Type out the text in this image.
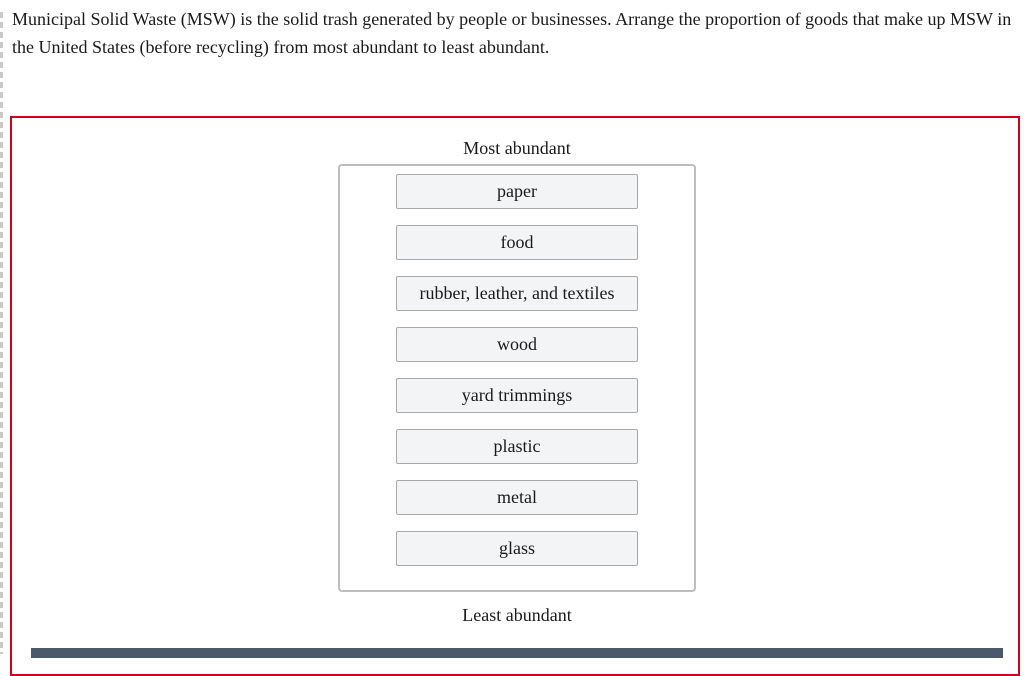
Municipal Solid Waste (MSW) is the solid trash generated by people or businesses. Arrange the proportion of goods that make up MSW in the United States (before recycling) from most abundant to least abundant.
Most abundant
paper
food
rubber, leather, and textiles
wood
yard trimmings
plastic
metal
glass
Least abundant
